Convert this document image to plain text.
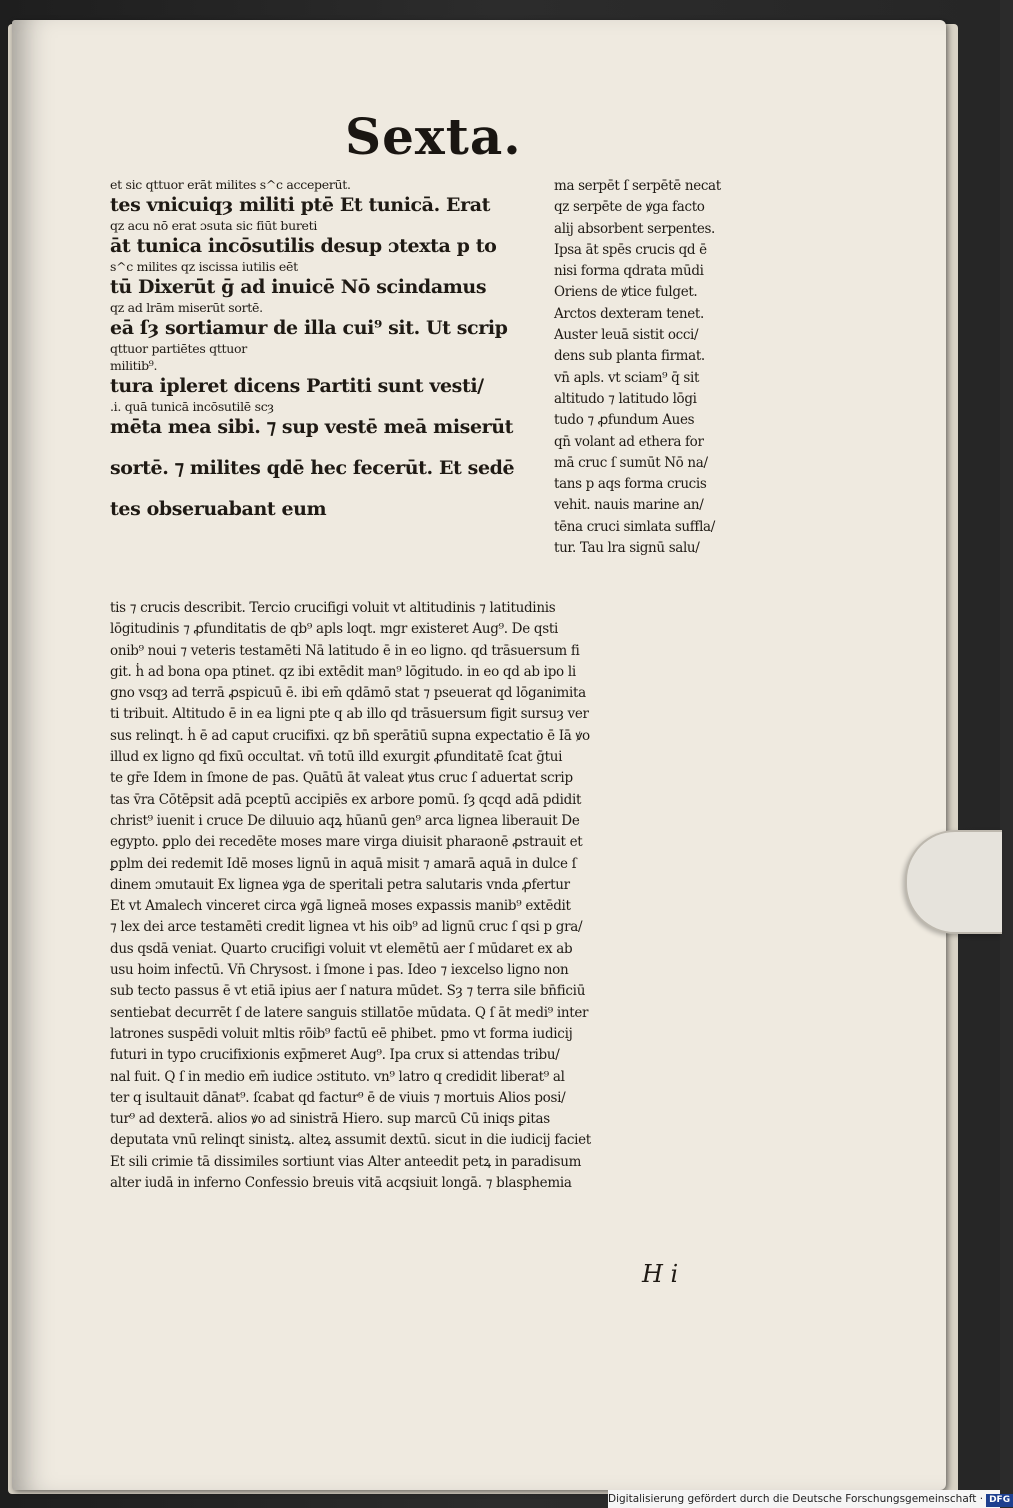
Sexta.
et sic qttuor erāt milites s^c acceperūt.
tes vnicuiqȝ militi ptē Et tunicā. Erat
qz acu nō erat ɔsuta sic fiūt bureti
āt tunica incōsutilis desup ɔtexta p to
s^c milites qz iscissa iutilis eēt
tū Dixerūt ḡ ad inuicē Nō scindamus
qz ad lrām miserūt sortē.
eā ſȝ sortiamur de illa cui⁹ sit. Ut scrip
qttuor partiētes qttuor
militib⁹.
tura ipleret dicens Partiti sunt vesti/
.i. quā tunicā incōsutilē scȝ
mēta mea sibi. ⁊ sup vestē meā miserūt
sortē. ⁊ milites qdē hec fecerūt. Et sedē
tes obseruabant eum
ma serpēt ſ serpētē necat
qz serpēte de ꝟga facto
alij absorbent serpentes.
Ipsa āt spēs crucis qd ē
nisi forma qdrata mūdi
Oriens de ꝟtice fulget.
Arctos dexteram tenet.
Auster leuā sistit occi/
dens sub planta firmat.
vn̄ apls. vt sciam⁹ q̄ sit
altitudo ⁊ latitudo lōgi
tudo ⁊ ꝓfundum Aues
qn̄ volant ad ethera for
mā cruc ſ sumūt Nō na/
tans p aqs forma crucis
vehit. nauis marine an/
tēna cruci simlata suffla/
tur. Tau lra signū salu/
tis ⁊ crucis describit. Tercio crucifigi voluit vt altitudinis ⁊ latitudinis
lōgitudinis ⁊ ꝓfunditatis de qb⁹ apls loqt. mgr existeret Aug⁹. De qsti
onib⁹ noui ⁊ veteris testamēti Nā latitudo ē in eo ligno. qd trāsuersum fi
git. ḣ ad bona opa ptinet. qz ibi extēdit man⁹ lōgitudo. in eo qd ab ipo li
gno vsqȝ ad terrā ꝓspicuū ē. ibi em̄ qdāmō stat ⁊ pseuerat qd lōganimita
ti tribuit. Altitudo ē in ea ligni pte q ab illo qd trāsuersum figit sursuȝ ver
sus relinqt. ḣ ē ad caput crucifixi. qz bn̄ sperātiū supna expectatio ē Iā ꝟo
illud ex ligno qd fixū occultat. vn̄ totū illd exurgit ꝓfunditatē ſcat ḡtui
te gr̄e Idem in ſmone de pas. Quātū āt valeat ꝟtus cruc ſ aduertat scrip
tas v̄ra Cōtēpsit adā pceptū accipiēs ex arbore pomū. ſȝ qcqd adā pdidit
christ⁹ iuenit i cruce De diluuio aqꝝ hūanū gen⁹ arca lignea liberauit De
egypto. ꝑplo dei recedēte moses mare virga diuisit pharaonē ꝓstrauit et
ꝑplm dei redemit Idē moses lignū in aquā misit ⁊ amarā aquā in dulce ſ
dinem ɔmutauit Ex lignea ꝟga de speritali petra salutaris vnda ꝓfertur
Et vt Amalech vinceret circa ꝟgā ligneā moses expassis manib⁹ extēdit
⁊ lex dei arce testamēti credit lignea vt his oib⁹ ad lignū cruc ſ qsi p gra/
dus qsdā veniat. Quarto crucifigi voluit vt elemētū aer ſ mūdaret ex ab
usu hoim infectū. Vn̄ Chrysost. i ſmone i pas. Ideo ⁊ iexcelso ligno non
sub tecto passus ē vt etiā ipius aer ſ natura mūdet. Sȝ ⁊ terra sile bn̄ficiū
sentiebat decurrēt ſ de latere sanguis stillatōe mūdata. Q ſ āt medi⁹ inter
latrones suspēdi voluit mltis rōib⁹ factū eē phibet. pmo vt forma iudicij
futuri in typo crucifixionis exp̄meret Aug⁹. Ipa crux si attendas tribu/
nal fuit. Q ſ in medio em̄ iudice ɔstituto. vn⁹ latro q credidit liberat⁹ al
ter q isultauit dānat⁹. ſcabat qd factur⁹ ē de viuis ⁊ mortuis Alios posi/
tur⁹ ad dexterā. alios ꝟo ad sinistrā Hiero. sup marcū Cū iniqs ꝑitas
deputata vnū relinqt sinistꝝ. alteꝝ assumit dextū. sicut in die iudicij faciet
Et sili crimie tā dissimiles sortiunt vias Alter anteedit petꝝ in paradisum
alter iudā in inferno Confessio breuis vitā acqsiuit longā. ⁊ blasphemia
H i
Digitalisierung gefördert durch die Deutsche Forschungsgemeinschaft · DFG
